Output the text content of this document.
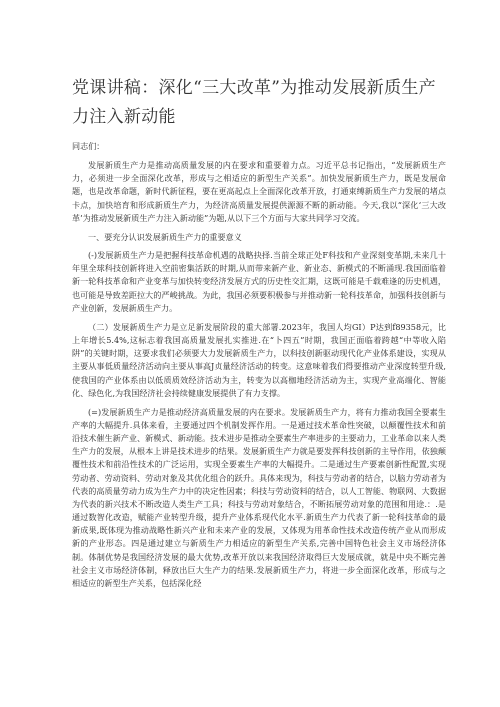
党课讲稿：深化“三大改革”为推动发展新质生产力注入新动能

同志们：

发展新质生产力是推动高质量发展的内在要求和重要着力点。习近平总书记指出，“发展新质生产力，必须进一步全面深化改革，形成与之相适应的新型生产关系”。加快发展新质生产力，既是发展命题，也是改革命题，新时代新征程，要在更高起点上全面深化改革开放，打通束缚新质生产力发展的堵点卡点，加快培育和形成新质生产力，为经济高质量发展提供源源不断的新动能。今天,我以“深化‘三大改革’为推动发展新质生产力注入新动能”为题,从以下三个方面与大家共同学习交流。

一、要充分认识发展新质生产力的重要意义

(-)发展新质生产力是把握科技革命机遇的战略抉择.当前全球正处F科技和产业深刻变革期,未来几十年里全球科技创新将进入空前密集活跃的时期,从而带来新产业、新业态、新模式的不断涌现.我国面临着新一轮科技革命和产业变革与加快转变经济发展方式的历史性交汇期，这既可能是千载难逢的历史机遇，也可能是导致差距拉大的严峻挑战。为此，我国必须要积极参与并推动新一轮科技革命，加强科技创新与产业创新，发展新质生产力。

（二）发展新质生产力是立足新发展阶段的重大部署.2023年，我国人均GI）P达到f89358元，比上年增长5.4%,这标志着我国高质量发展扎实推进.在“卜四五”时期，我国正面临着跨越“中等收入陷阱”的关键时期，这要求我们必须要大力发展新质生产力，以科技创新驱动现代化产业体系建设，实现从主要从事低质量经济活动向主要从事高J贞量经济活动的转变。这意味着我们得要推动产业深度转型升级,使我国的产业体系由以低质质效经济活动为主，转变为以高枷地经济活动为主，实现产业高端化、智能化、绿色化,为我国经济社会持续健康发展提供了有力支撑。

(=)发展新质生产力是推动经济高质量发展的内在要求。发展新质生产力，将有力推动我国全要素生产率的大幅提升.具体来看，主要通过四个机制发挥作用。一是通过技术革命性突破，以颠覆性技术和前沿技术催生新产业、新模式、新动能。技术进步是推动全要素生产率进步的主要动力，工业革命以来人类生产力的发展，从根本上讲是技术进步的结果。发展新质生产力就是要发挥科技创新的主导作用，依独颠覆性技术和前沿性技术的广泛运用，实现全要素生产率的大幅提升。二是通过生产要素创新性配置,实现劳动者、劳动资料、劳动对象及其优化组合的跃升。具体来现为，科技与劳动者的结合，以脑力劳动者为代表的高质量劳动力成为生产力中的决定性因素；科技与劳动资料的结合，以人工智能、物联网、大数据为代表的新兴技术不断改造人类生产工具；科技与劳动对象结合，不断拓展劳动对象的范围和用途.：.是通过数智化改造，赋能产业转型升级，提升产业体系现代化水平.新质生产力代表了新一轮科技革命的最新成果,既体现为推动战略性新兴产业和未来产业的发展，又体现为用革命性技术改造传统产业从而形成新的产业形态。四是通过建立与新质生产力相适应的新型生产关系,完善中国特色社会主义市场经济体制。体制优势是我国经济发展的最大优势,改革开放以来我国经济取得巨大发展成就，就是中央不断完善社会主义市场经济体制，释放出巨大生产力的结果.发展新质生产力，将进一步全面深化改革，形成与之相适应的新型生产关系，包括深化经
